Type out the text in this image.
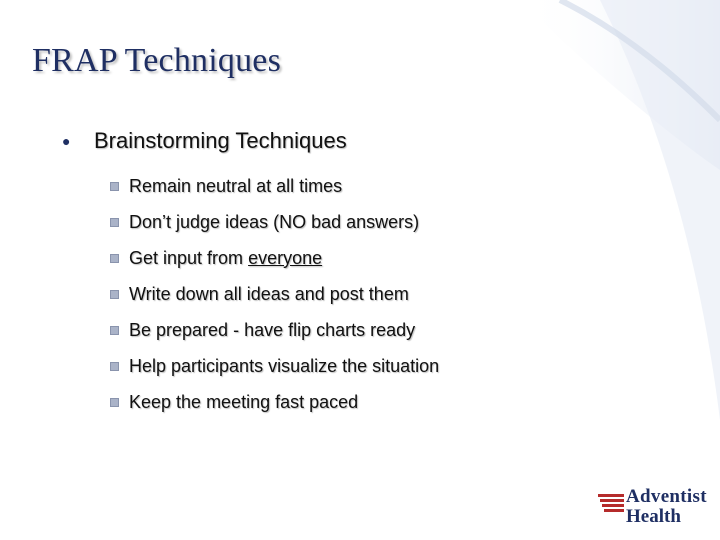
FRAP Techniques
●	Brainstorming Techniques
Remain neutral at all times
Don’t judge ideas (NO bad answers)
Get input from everyone
Write down all ideas and post them
Be prepared - have flip charts ready
Help participants visualize the situation
Keep the meeting fast paced
Adventist
Health
